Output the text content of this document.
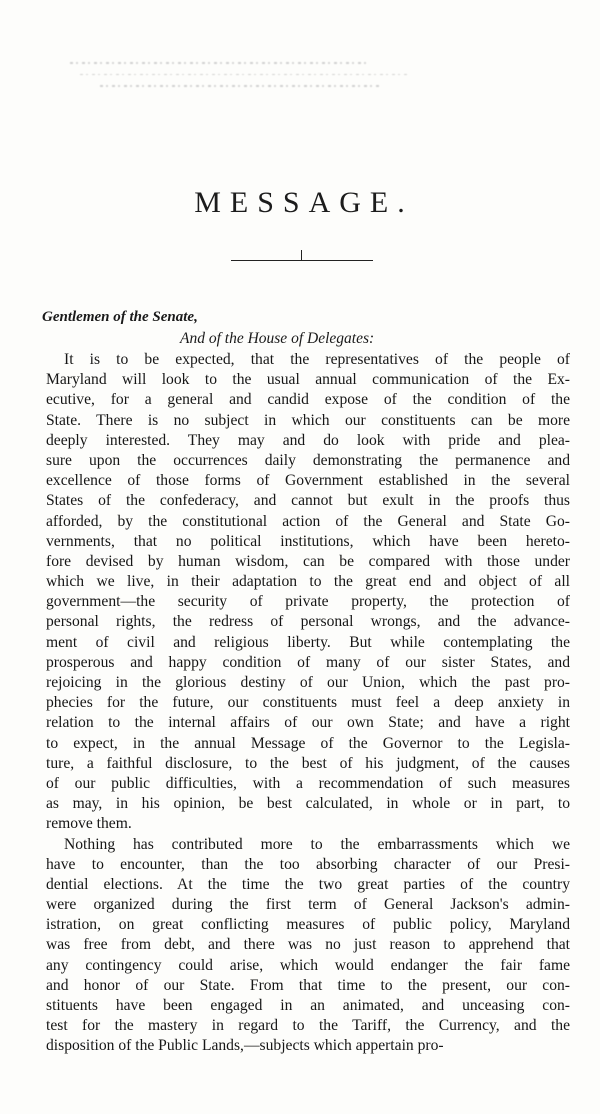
MESSAGE.
Gentlemen of the Senate,
And of the House of Delegates:
It is to be expected, that the representatives of the people of
Maryland will look to the usual annual communication of the Ex-
ecutive, for a general and candid expose of the condition of the
State. There is no subject in which our constituents can be more
deeply interested. They may and do look with pride and plea-
sure upon the occurrences daily demonstrating the permanence and
excellence of those forms of Government established in the several
States of the confederacy, and cannot but exult in the proofs thus
afforded, by the constitutional action of the General and State Go-
vernments, that no political institutions, which have been hereto-
fore devised by human wisdom, can be compared with those under
which we live, in their adaptation to the great end and object of all
government—the security of private property, the protection of
personal rights, the redress of personal wrongs, and the advance-
ment of civil and religious liberty. But while contemplating the
prosperous and happy condition of many of our sister States, and
rejoicing in the glorious destiny of our Union, which the past pro-
phecies for the future, our constituents must feel a deep anxiety in
relation to the internal affairs of our own State; and have a right
to expect, in the annual Message of the Governor to the Legisla-
ture, a faithful disclosure, to the best of his judgment, of the causes
of our public difficulties, with a recommendation of such measures
as may, in his opinion, be best calculated, in whole or in part, to
remove them.
Nothing has contributed more to the embarrassments which we
have to encounter, than the too absorbing character of our Presi-
dential elections. At the time the two great parties of the country
were organized during the first term of General Jackson's admin-
istration, on great conflicting measures of public policy, Maryland
was free from debt, and there was no just reason to apprehend that
any contingency could arise, which would endanger the fair fame
and honor of our State. From that time to the present, our con-
stituents have been engaged in an animated, and unceasing con-
test for the mastery in regard to the Tariff, the Currency, and the
disposition of the Public Lands,—subjects which appertain pro-
